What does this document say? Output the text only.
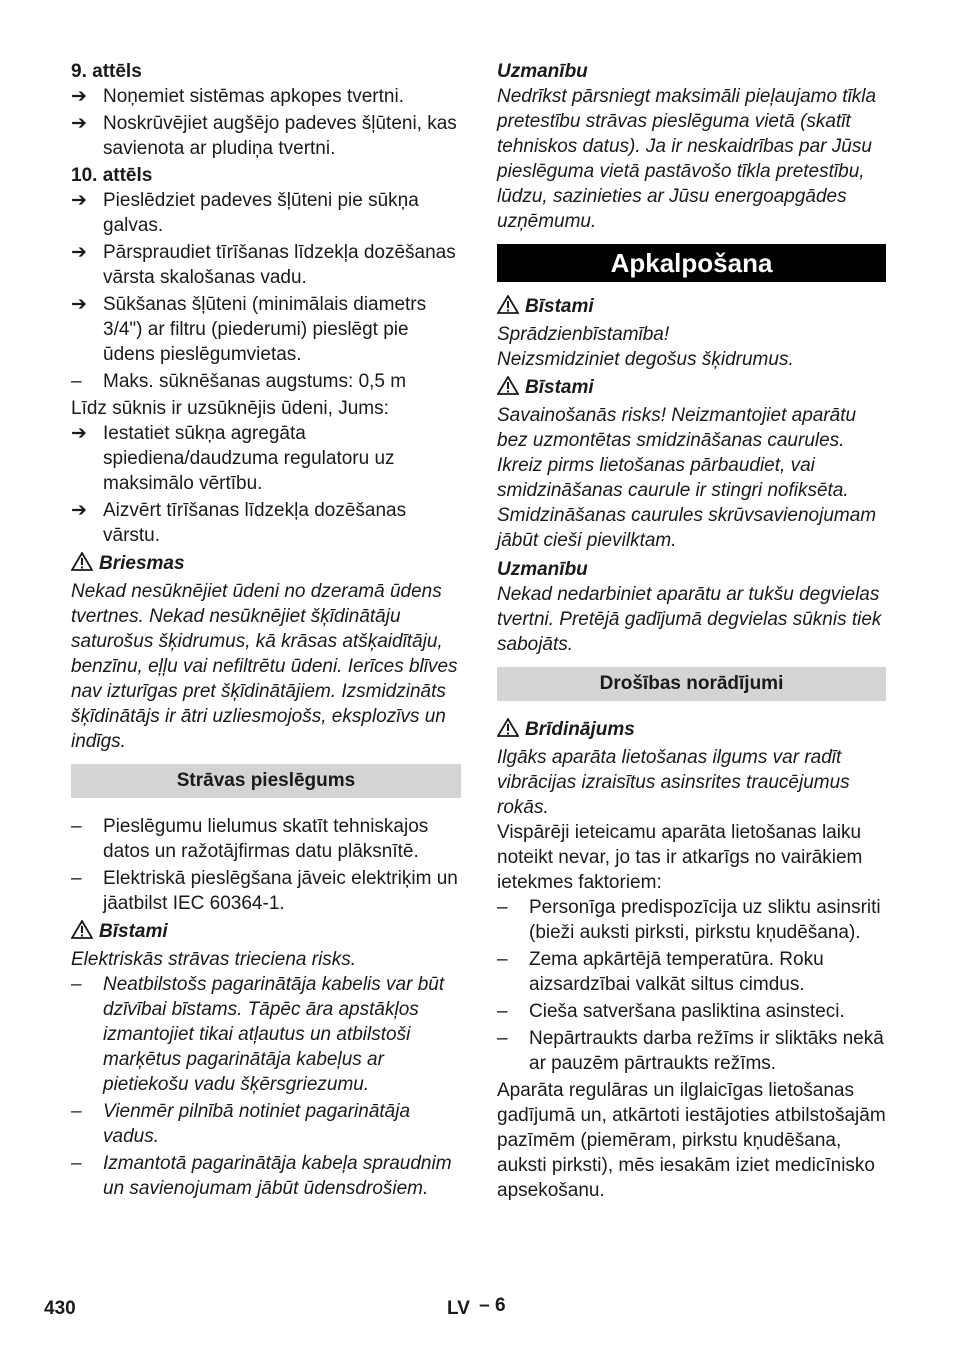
9. attēls

➔ Noņemiet sistēmas apkopes tvertni.
➔ Noskrūvējiet augšējo padeves šļūteni, kas savienota ar pludiņa tvertni.

10. attēls

➔ Pieslēdziet padeves šļūteni pie sūkņa galvas.
➔ Pārspraudiet tīrīšanas līdzekļa dozēšanas vārsta skalošanas vadu.
➔ Sūkšanas šļūteni (minimālais diametrs 3/4") ar filtru (piederumi) pieslēgt pie ūdens pieslēgumvietas.
– Maks. sūknēšanas augstums: 0,5 m

Līdz sūknis ir uzsūknējis ūdeni, Jums:

➔ Iestatiet sūkņa agregāta spiediena/daudzuma regulatoru uz maksimālo vērtību.
➔ Aizvērt tīrīšanas līdzekļa dozēšanas vārstu.

Briesmas

Nekad nesūknējiet ūdeni no dzeramā ūdens tvertnes. Nekad nesūknējiet šķīdinātāju saturošus šķidrumus, kā krāsas atšķaidītāju, benzīnu, eļļu vai nefiltrētu ūdeni. Ierīces blīves nav izturīgas pret šķīdinātājiem. Izsmidzināts šķīdinātājs ir ātri uzliesmojošs, eksplozīvs un indīgs.

Strāvas pieslēgums
– Pieslēgumu lielumus skatīt tehniskajos datos un ražotājfirmas datu plāksnītē.
– Elektriskā pieslēgšana jāveic elektriķim un jāatbilst IEC 60364-1.

Bīstami

Elektriskās strāvas trieciena risks.

– Neatbilstošs pagarinātāja kabelis var būt dzīvībai bīstams. Tāpēc āra apstākļos izmantojiet tikai atļautus un atbilstoši marķētus pagarinātāja kabeļus ar pietiekošu vadu šķērsgriezumu.
– Vienmēr pilnībā notiniet pagarinātāja vadus.
– Izmantotā pagarinātāja kabeļa spraudnim un savienojumam jābūt ūdensdrošiem.

Uzmanību

Nedrīkst pārsniegt maksimāli pieļaujamo tīkla pretestību strāvas pieslēguma vietā (skatīt tehniskos datus). Ja ir neskaidrības par Jūsu pieslēguma vietā pastāvošo tīkla pretestību, lūdzu, sazinieties ar Jūsu energoapgādes uzņēmumu.

Apkalpošana

Bīstami

Sprādzienbīstamība!

Neizsmidziniet degošus šķidrumus.

Bīstami

Savainošanās risks! Neizmantojiet aparātu bez uzmontētas smidzināšanas caurules. Ikreiz pirms lietošanas pārbaudiet, vai smidzināšanas caurule ir stingri nofiksēta. Smidzināšanas caurules skrūvsavienojumam jābūt cieši pievilktam.

Uzmanību

Nekad nedarbiniet aparātu ar tukšu degvielas tvertni. Pretējā gadījumā degvielas sūknis tiek sabojāts.

Drošības norādījumi

Brīdinājums

Ilgāks aparāta lietošanas ilgums var radīt vibrācijas izraisītus asinsrites traucējumus rokās.

Vispārēji ieteicamu aparāta lietošanas laiku noteikt nevar, jo tas ir atkarīgs no vairākiem ietekmes faktoriem:

– Personīga predispozīcija uz sliktu asinsriti (bieži auksti pirksti, pirkstu kņudēšana).
– Zema apkārtējā temperatūra. Roku aizsardzībai valkāt siltus cimdus.
– Cieša satveršana pasliktina asinsteci.
– Nepārtraukts darba režīms ir sliktāks nekā ar pauzēm pārtraukts režīms.

Aparāta regulāras un ilglaicīgas lietošanas gadījumā un, atkārtoti iestājoties atbilstošajām pazīmēm (piemēram, pirkstu kņudēšana, auksti pirksti), mēs iesakām iziet medicīnisko apsekošanu.

430	LV – 6
